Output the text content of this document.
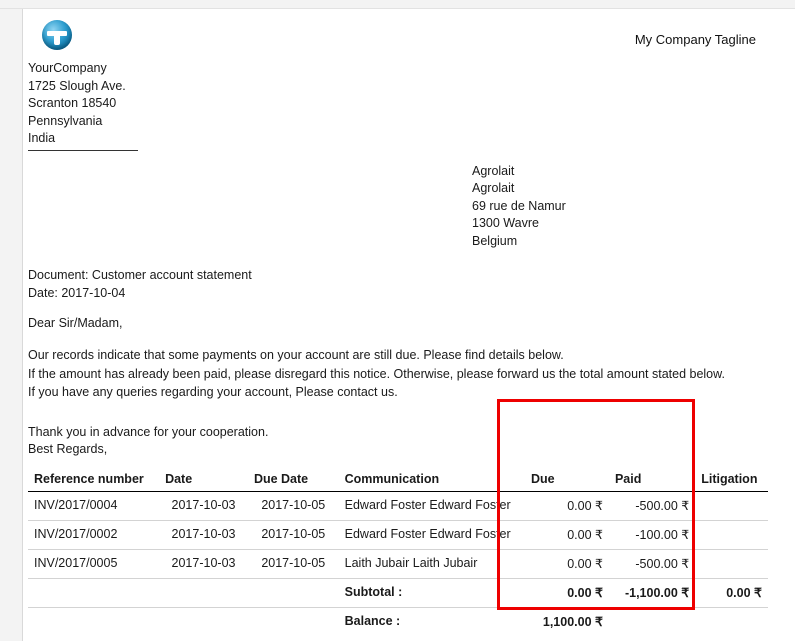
My Company Tagline
YourCompany
1725 Slough Ave.
Scranton 18540
Pennsylvania
India
Agrolait
Agrolait
69 rue de Namur
1300 Wavre
Belgium
Document: Customer account statement
Date: 2017-10-04
Dear Sir/Madam,
Our records indicate that some payments on your account are still due. Please find details below.
If the amount has already been paid, please disregard this notice. Otherwise, please forward us the total amount stated below.
If you have any queries regarding your account, Please contact us.
Thank you in advance for your cooperation.
Best Regards,
Reference number	Date	Due Date	Communication	Due	Paid	Litigation
INV/2017/0004	2017-10-03	2017-10-05	Edward Foster Edward Foster	0.00 ₹	-500.00 ₹	
INV/2017/0002	2017-10-03	2017-10-05	Edward Foster Edward Foster	0.00 ₹	-100.00 ₹	
INV/2017/0005	2017-10-03	2017-10-05	Laith Jubair Laith Jubair	0.00 ₹	-500.00 ₹	
			Subtotal :	0.00 ₹	-1,100.00 ₹	0.00 ₹
			Balance :	1,100.00 ₹		
